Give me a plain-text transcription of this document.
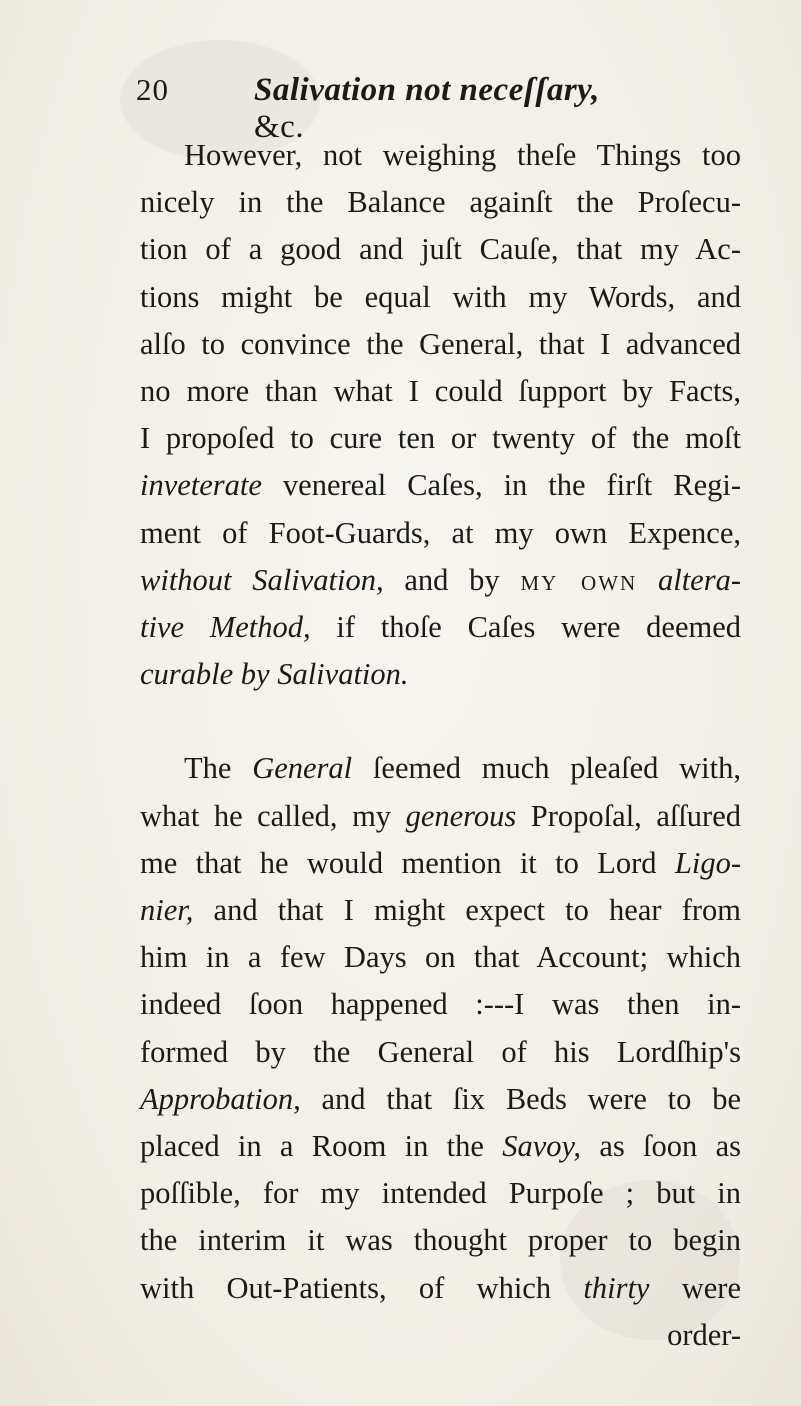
20	Salivation not neceſſary, &c.
However, not weighing theſe Things too
nicely in the Balance againſt the Proſecu-
tion of a good and juſt Cauſe, that my Ac-
tions might be equal with my Words, and
alſo to convince the General, that I advanced
no more than what I could ſupport by Facts,
I propoſed to cure ten or twenty of the moſt
inveterate venereal Caſes, in the firſt Regi-
ment of Foot-Guards, at my own Expence,
without Salivation, and by my own altera-
tive Method, if thoſe Caſes were deemed
curable by Salivation.
The General ſeemed much pleaſed with,
what he called, my generous Propoſal, aſſured
me that he would mention it to Lord Ligo-
nier, and that I might expect to hear from
him in a few Days on that Account; which
indeed ſoon happened :---I was then in-
formed by the General of his Lordſhip's
Approbation, and that ſix Beds were to be
placed in a Room in the Savoy, as ſoon as
poſſible, for my intended Purpoſe ; but in
the interim it was thought proper to begin
with Out-Patients, of which thirty were
order-
